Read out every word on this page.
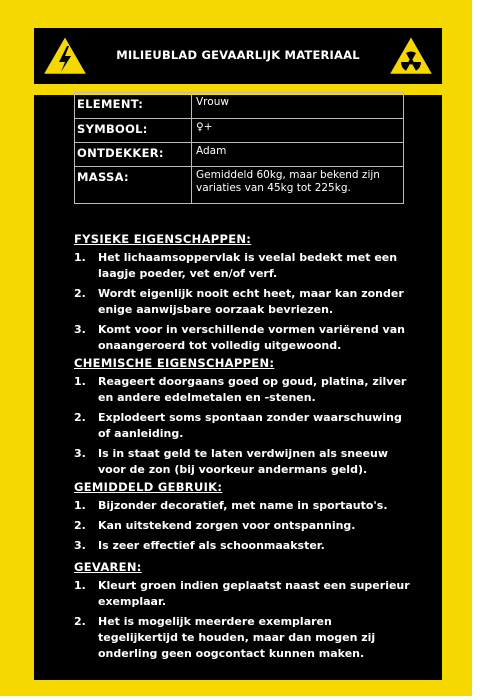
MILIEUBLAD GEVAARLIJK MATERIAAL
ELEMENT:	Vrouw
SYMBOOL:	♀+
ONTDEKKER:	Adam
MASSA:	Gemiddeld 60kg, maar bekend zijn variaties van 45kg tot 225kg.
FYSIEKE EIGENSCHAPPEN:
1. Het lichaamsoppervlak is veelal bedekt met een laagje poeder, vet en/of verf.
2. Wordt eigenlijk nooit echt heet, maar kan zonder enige aanwijsbare oorzaak bevriezen.
3. Komt voor in verschillende vormen variërend van onaangeroerd tot volledig uitgewoond.
CHEMISCHE EIGENSCHAPPEN:
1. Reageert doorgaans goed op goud, platina, zilver en andere edelmetalen en -stenen.
2. Explodeert soms spontaan zonder waarschuwing of aanleiding.
3. Is in staat geld te laten verdwijnen als sneeuw voor de zon (bij voorkeur andermans geld).
GEMIDDELD GEBRUIK:
1. Bijzonder decoratief, met name in sportauto's.
2. Kan uitstekend zorgen voor ontspanning.
3. Is zeer effectief als schoonmaakster.
GEVAREN:
1. Kleurt groen indien geplaatst naast een superieur exemplaar.
2. Het is mogelijk meerdere exemplaren tegelijkertijd te houden, maar dan mogen zij onderling geen oogcontact kunnen maken.
